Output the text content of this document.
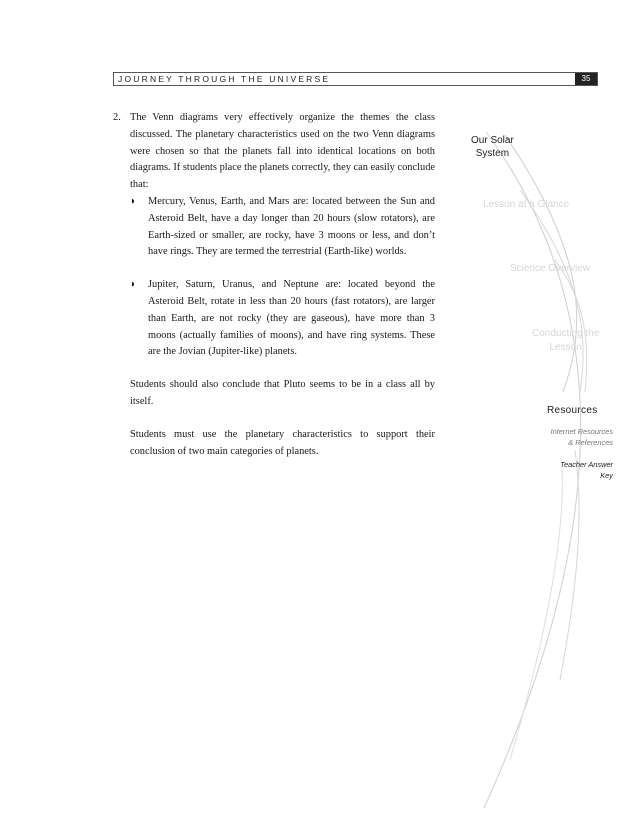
JOURNEY THROUGH THE UNIVERSE	35
2. The Venn diagrams very effectively organize the themes the class discussed. The planetary characteristics used on the two Venn diagrams were chosen so that the planets fall into identical locations on both diagrams. If students place the planets correctly, they can easily conclude that:
◗ Mercury, Venus, Earth, and Mars are: located between the Sun and Asteroid Belt, have a day longer than 20 hours (slow rotators), are Earth-sized or smaller, are rocky, have 3 moons or less, and don’t have rings. They are termed the terrestrial (Earth-like) worlds.
◗ Jupiter, Saturn, Uranus, and Neptune are: located beyond the Asteroid Belt, rotate in less than 20 hours (fast rotators), are larger than Earth, are not rocky (they are gaseous), have more than 3 moons (actually families of moons), and have ring systems. These are the Jovian (Jupiter-like) planets.
Students should also conclude that Pluto seems to be in a class all by itself.
Students must use the planetary characteristics to support their conclusion of two main categories of planets.
Our Solar
System
Lesson at a Glance
Science Overview
Conducting the
Lesson
Resources
Internet Resources
& References
Teacher Answer
Key
